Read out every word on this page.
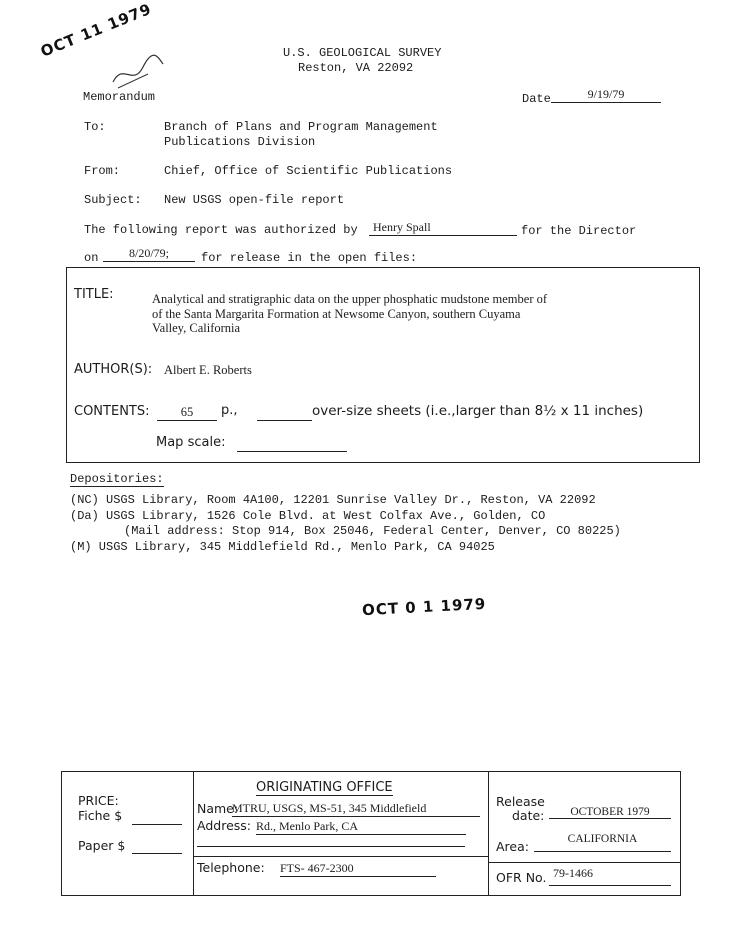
OCT 11 1979	U.S. GEOLOGICAL SURVEY
Reston, VA 22092
Memorandum	Date	9/19/79
To:	Branch of Plans and Program Management
Publications Division
From:	Chief, Office of Scientific Publications
Subject: New USGS open-file report
The following report was authorized by	Henry Spall	for the Director
on	8/20/79;	for release in the open files:
TITLE:	Analytical and stratigraphic data on the upper phosphatic mudstone member of
of the Santa Margarita Formation at Newsome Canyon, southern Cuyama
Valley, California
AUTHOR(S): Albert E. Roberts
CONTENTS:	65	p.,	over-size sheets (i.e.,larger than 8½ x 11 inches)
Map scale:
Depositories:
(NC) USGS Library, Room 4A100, 12201 Sunrise Valley Dr., Reston, VA 22092
(Da) USGS Library, 1526 Cole Blvd. at West Colfax Ave., Golden, CO
(Mail address: Stop 914, Box 25046, Federal Center, Denver, CO 80225)
(M) USGS Library, 345 Middlefield Rd., Menlo Park, CA 94025
OCT 0 1 1979
PRICE:
Fiche $
Paper $
ORIGINATING OFFICE
Name:
MTRU, USGS, MS-51, 345 Middlefield
Address: Rd., Menlo Park, CA
Telephone: FTS- 467-2300
Release
date:	OCTOBER 1979
Area:	CALIFORNIA
OFR No. 79-1466
